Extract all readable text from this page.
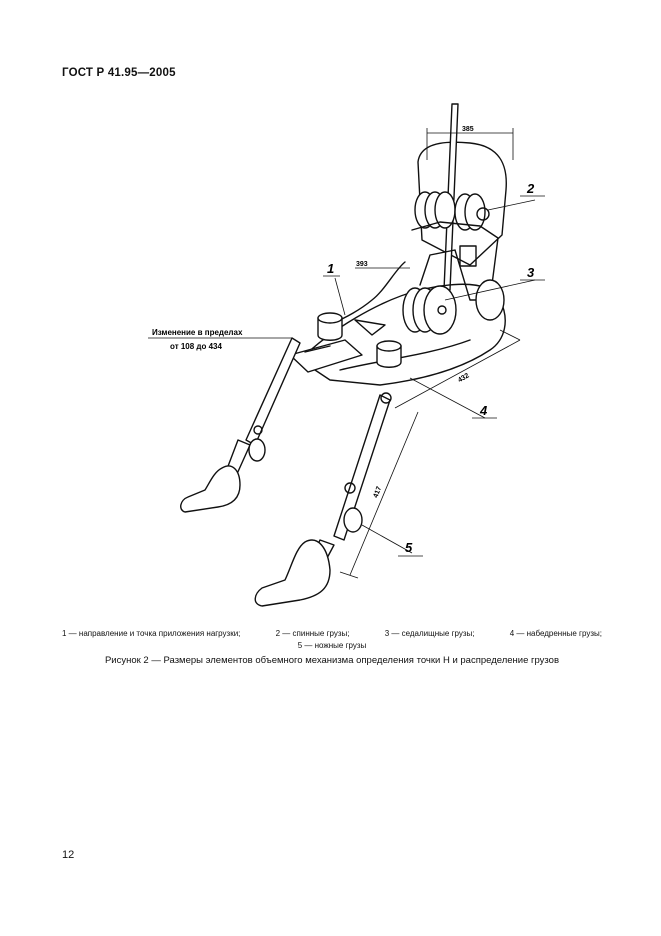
ГОСТ Р 41.95—2005
385
393
432
417
Изменение в пределах
от 108 до 434
1
2
3
4
5
1 — направление и точка приложения нагрузки;	2 — спинные грузы;	3 — седалищные грузы;	4 — набедренные грузы;
5 — ножные грузы
Рисунок 2 — Размеры элементов объемного механизма определения точки H и распределение грузов
12
